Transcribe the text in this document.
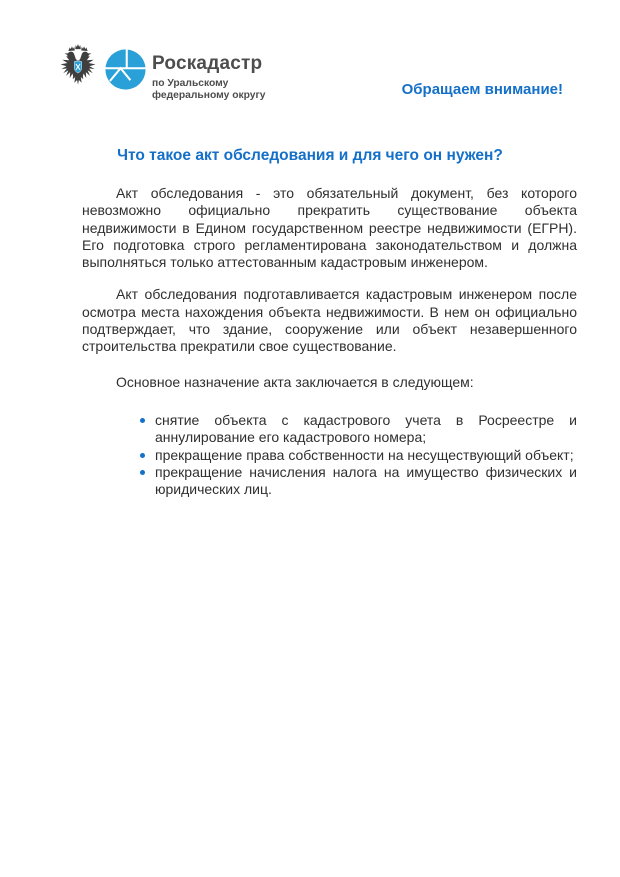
Роскадастр
по Уральскому
федеральному округу	Обращаем внимание!
Что такое акт обследования и для чего он нужен?

Акт обследования - это обязательный документ, без которого невозможно официально прекратить существование объекта недвижимости в Едином государственном реестре недвижимости (ЕГРН). Его подготовка строго регламентирована законодательством и должна выполняться только аттестованным кадастровым инженером.

Акт обследования подготавливается кадастровым инженером после осмотра места нахождения объекта недвижимости. В нем он официально подтверждает, что здание, сооружение или объект незавершенного строительства прекратили свое существование.

Основное назначение акта заключается в следующем:

снятие объекта с кадастрового учета в Росреестре и аннулирование его кадастрового номера;
прекращение права собственности на несуществующий объект;
прекращение начисления налога на имущество физических и юридических лиц.
